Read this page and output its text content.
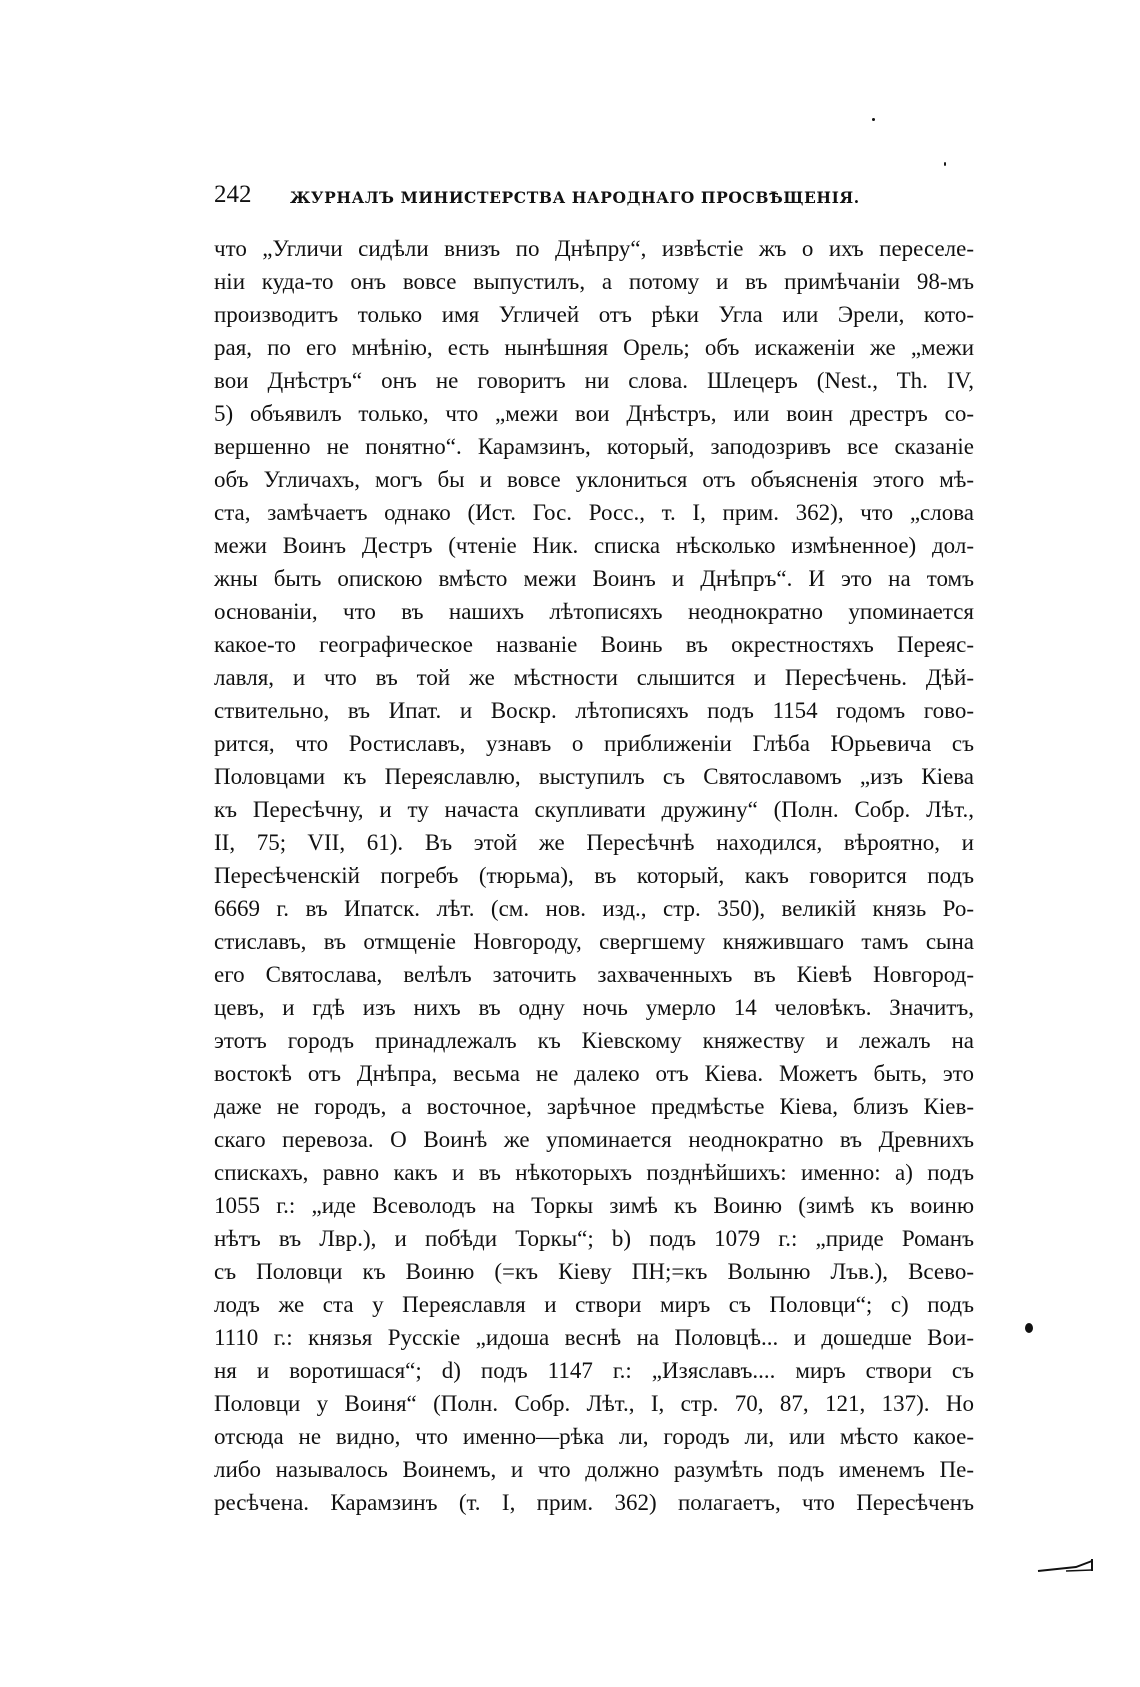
242 ЖУРНАЛЪ МИНИСТЕРСТВА НАРОДНАГО ПРОСВѢЩЕНІЯ.
что „Угличи сидѣли внизъ по Днѣпру“, извѣстіе жъ о ихъ переселе-
ніи куда-то онъ вовсе выпустилъ, а потому и въ примѣчаніи 98-мъ
производитъ только имя Угличей отъ рѣки Угла или Эрели, кото-
рая, по его мнѣнію, есть нынѣшняя Орель; объ искаженіи же „межи
вои Днѣстръ“ онъ не говоритъ ни слова. Шлецеръ (Nest., Th. IV,
5) объявилъ только, что „межи вои Днѣстръ, или воин дрестръ со-
вершенно не понятно“. Карамзинъ, который, заподозривъ все сказаніе
объ Угличахъ, могъ бы и вовсе уклониться отъ объясненія этого мѣ-
ста, замѣчаетъ однако (Ист. Гос. Росс., т. I, прим. 362), что „слова
межи Воинъ Дестръ (чтеніе Ник. списка нѣсколько измѣненное) дол-
жны быть опискою вмѣсто межи Воинъ и Днѣпръ“. И это на томъ
основаніи, что въ нашихъ лѣтописяхъ неоднократно упоминается
какое-то географическое названіе Воинь въ окрестностяхъ Переяс-
лавля, и что въ той же мѣстности слышится и Пересѣчень. Дѣй-
ствительно, въ Ипат. и Воскр. лѣтописяхъ подъ 1154 годомъ гово-
рится, что Ростиславъ, узнавъ о приближеніи Глѣба Юрьевича съ
Половцами къ Переяславлю, выступилъ съ Святославомъ „изъ Кіева
къ Пересѣчну, и ту начаста скупливати дружину“ (Полн. Собр. Лѣт.,
II, 75; VII, 61). Въ этой же Пересѣчнѣ находился, вѣроятно, и
Пересѣченскій погребъ (тюрьма), въ который, какъ говорится подъ
6669 г. въ Ипатск. лѣт. (см. нов. изд., стр. 350), великій князь Ро-
стиславъ, въ отмщеніе Новгороду, свергшему княжившаго тамъ сына
его Святослава, велѣлъ заточить захваченныхъ въ Кіевѣ Новгород-
цевъ, и гдѣ изъ нихъ въ одну ночь умерло 14 человѣкъ. Значитъ,
этотъ городъ принадлежалъ къ Кіевскому княжеству и лежалъ на
востокѣ отъ Днѣпра, весьма не далеко отъ Кіева. Можетъ быть, это
даже не городъ, а восточное, зарѣчное предмѣстье Кіева, близъ Кіев-
скаго перевоза. О Воинѣ же упоминается неоднократно въ Древнихъ
спискахъ, равно какъ и въ нѣкоторыхъ позднѣйшихъ: именно: а) подъ
1055 г.: „иде Всеволодъ на Торкы зимѣ къ Воиню (зимѣ къ воиню
нѣтъ въ Лвр.), и побѣди Торкы“; b) подъ 1079 г.: „приде Романъ
съ Половци къ Воиню (=къ Кіеву ПН;=къ Волыню Лъв.), Всево-
лодъ же ста у Переяславля и створи миръ съ Половци“; с) подъ
1110 г.: князья Русскіе „идоша веснѣ на Половцѣ... и дошедше Вои-
ня и воротишася“; d) подъ 1147 г.: „Изяславъ.... миръ створи съ
Половци у Воиня“ (Полн. Собр. Лѣт., I, стр. 70, 87, 121, 137). Но
отсюда не видно, что именно—рѣка ли, городъ ли, или мѣсто какое-
либо называлось Воинемъ, и что должно разумѣть подъ именемъ Пе-
ресѣчена. Карамзинъ (т. I, прим. 362) полагаетъ, что Пересѣченъ
